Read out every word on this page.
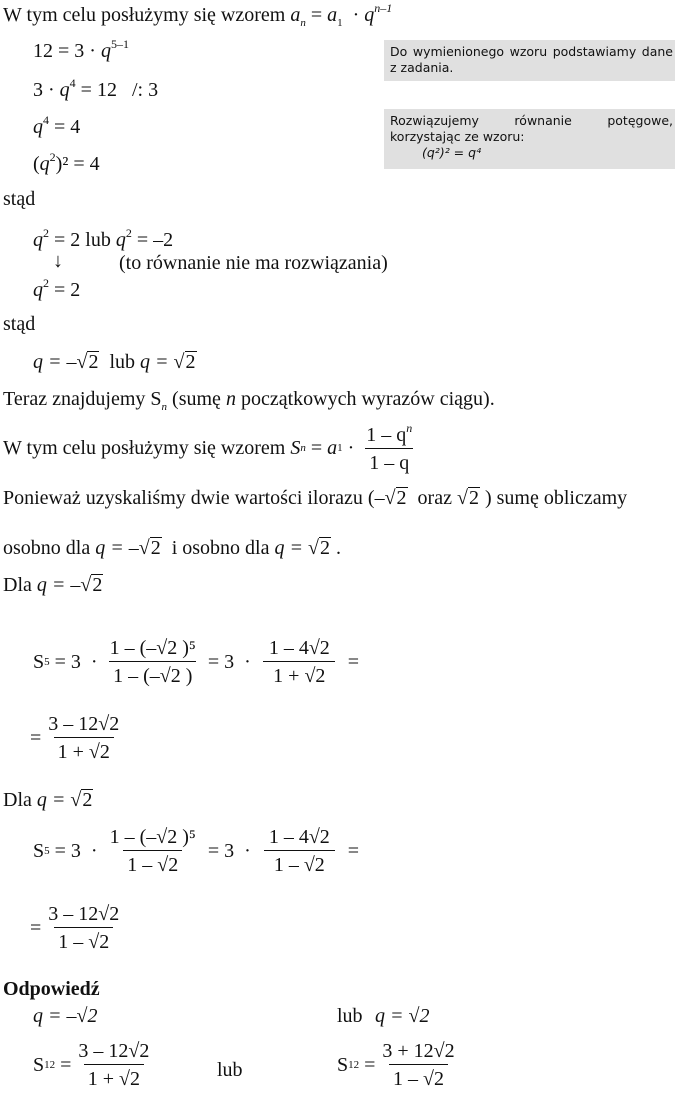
W tym celu posłużymy się wzorem $a_n = a_1 \cdot q^{n-1}$
$12 = 3 \cdot q^{5-1}$
$3 \cdot q^4 = 12$   /: 3
$q^4 = 4$
$(q^2)^2 = 4$
Do wymienionego wzoru podstawiamy dane z zadania.
Rozwiązujemy równanie potęgowe, korzystając ze wzoru:
(q²)² = q⁴
stąd
$q^2 = 2$ lub $q^2 = -2$
↓	(to równanie nie ma rozwiązania)
$q^2 = 2$
stąd
q = –√2  lub q = √2
Teraz znajdujemy $S_n$ (sumę n początkowych wyrazów ciągu).
W tym celu posłużymy się wzorem S n = a $1 \cdot \frac{1 - q^n}{1 - q}$
Ponieważ uzyskaliśmy dwie wartości ilorazu (–√2  oraz √2 ) sumę obliczamy
osobno dla q = –√2  i osobno dla q = √2 .
Dla q = –√2
S $5 = 3 \cdot \frac{\text{1 – (–√2 )⁵}}{1 - (-√2 )} = 3 \cdot \frac{1 - 4√2}{1 + √2}$ =
= $\frac{3 - 12√2}{1 + √2}$
Dla q = √2
S $5 = 3 \cdot \frac{\text{1 – (–√2 )⁵}}{1 - √2} = 3 \cdot \frac{1 - 4√2}{1 - √2}$ =
= $\frac{3 - 12√2}{1 - √2}$
Odpowiedź
q = –√2	lub q = √2
S $12 = \frac{3 - 12√2}{1 + √2}$	lub	S $12 = \frac{3 + 12√2}{1 - √2}$
